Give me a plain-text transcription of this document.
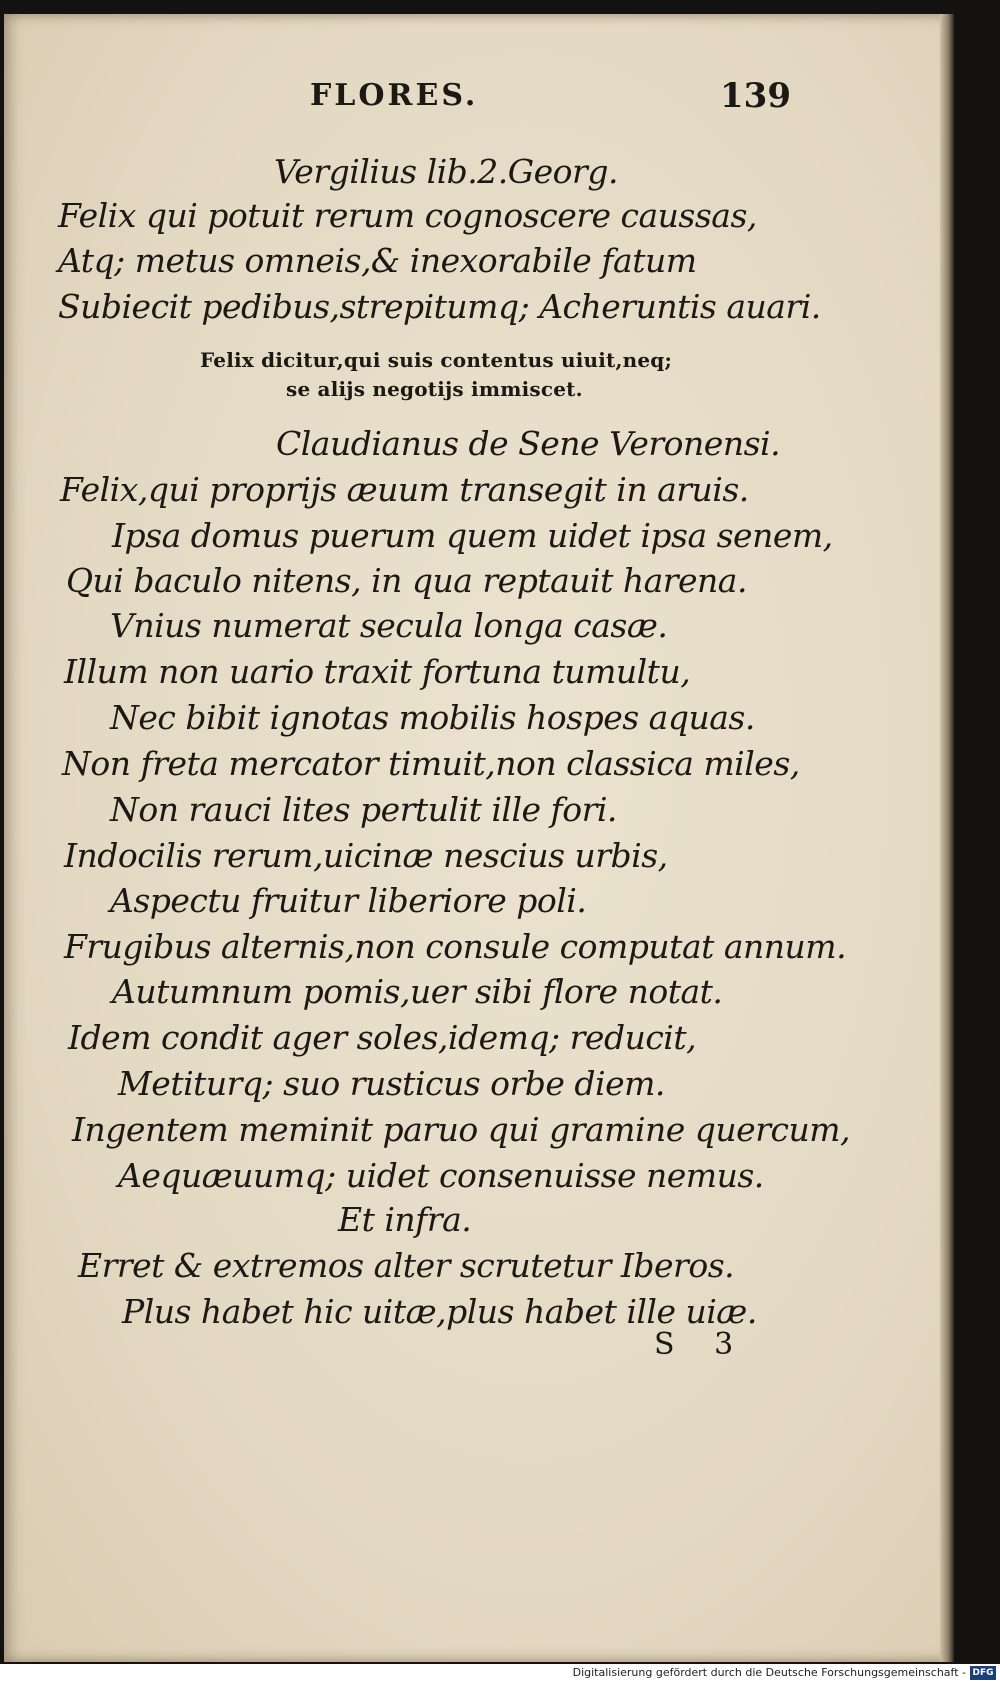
FLORES.	139
Vergilius lib.2.Georg.
Felix qui potuit rerum cognoscere caussas,
Atq; metus omneis,& inexorabile fatum
Subiecit pedibus,strepitumq; Acheruntis auari.
Felix dicitur,qui suis contentus uiuit,neq;
se alijs negotijs immiscet.
Claudianus de Sene Veronensi.
Felix,qui proprijs æuum transegit in aruis.
Ipsa domus puerum quem uidet ipsa senem,
Qui baculo nitens, in qua reptauit harena.
Vnius numerat secula longa casæ.
Illum non uario traxit fortuna tumultu,
Nec bibit ignotas mobilis hospes aquas.
Non freta mercator timuit,non classica miles,
Non rauci lites pertulit ille fori.
Indocilis rerum,uicinæ nescius urbis,
Aspectu fruitur liberiore poli.
Frugibus alternis,non consule computat annum.
Autumnum pomis,uer sibi flore notat.
Idem condit ager soles,idemq; reducit,
Metiturq; suo rusticus orbe diem.
Ingentem meminit paruo qui gramine quercum,
Aequæuumq; uidet consenuisse nemus.
Et infra.
Erret & extremos alter scrutetur Iberos.
Plus habet hic uitæ,plus habet ille uiæ.
S 3
Digitalisierung gefördert durch die Deutsche Forschungsgemeinschaft - DFG
